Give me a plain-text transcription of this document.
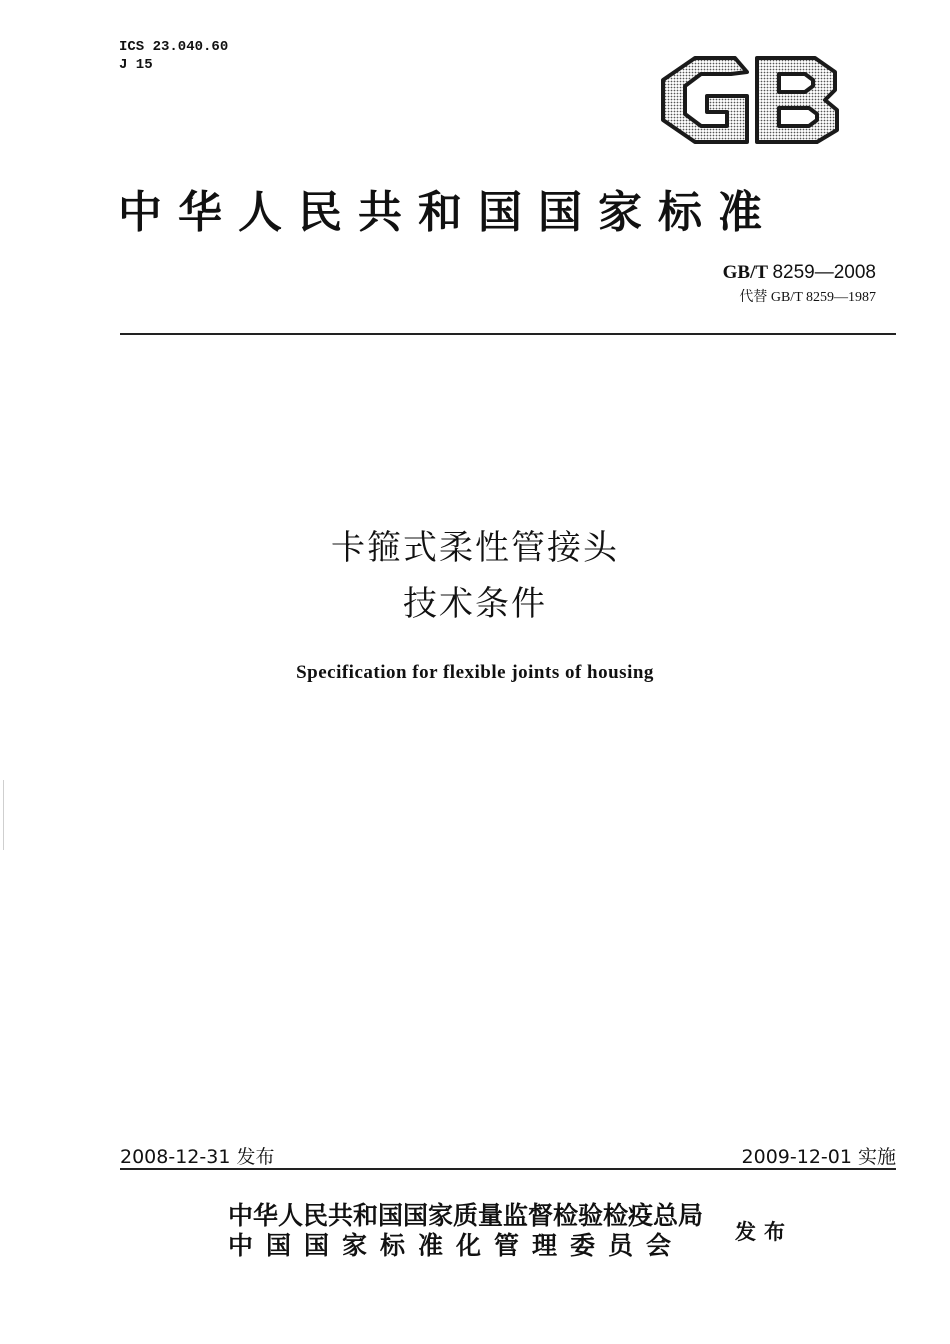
ICS 23.040.60
J 15
GB
中华人民共和国国家标准
GB/T 8259—2008
代替 GB/T 8259—1987
卡箍式柔性管接头
技术条件
Specification for flexible joints of housing
2008-12-31 发布	2009-12-01 实施
中华人民共和国国家质量监督检验检疫总局
中国国家标准化管理委员会	发布
